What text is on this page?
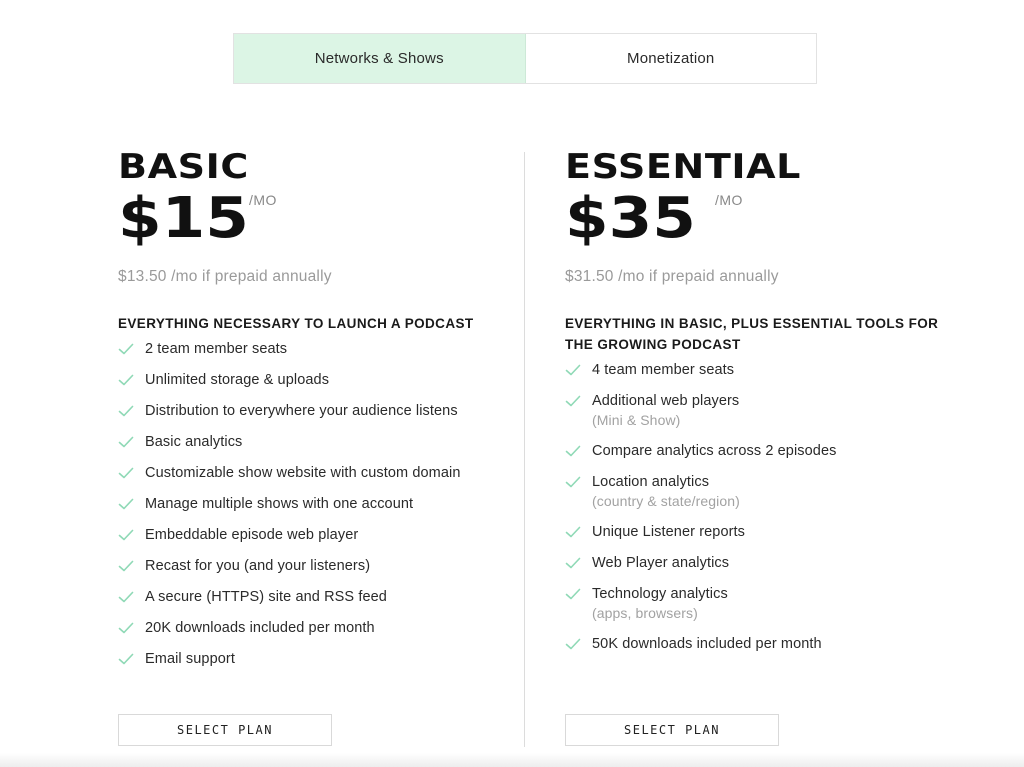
Networks & Shows	Monetization
BASIC
$15 /MO
$13.50 /mo if prepaid annually
EVERYTHING NECESSARY TO LAUNCH A PODCAST
2 team member seats
Unlimited storage & uploads
Distribution to everywhere your audience listens
Basic analytics
Customizable show website with custom domain
Manage multiple shows with one account
Embeddable episode web player
Recast for you (and your listeners)
A secure (HTTPS) site and RSS feed
20K downloads included per month
Email support
ESSENTIAL
$35 /MO
$31.50 /mo if prepaid annually
EVERYTHING IN BASIC, PLUS ESSENTIAL TOOLS FOR THE GROWING PODCAST
4 team member seats
Additional web players
(Mini & Show)
Compare analytics across 2 episodes
Location analytics
(country & state/region)
Unique Listener reports
Web Player analytics
Technology analytics
(apps, browsers)
50K downloads included per month
SELECT PLAN	SELECT PLAN
